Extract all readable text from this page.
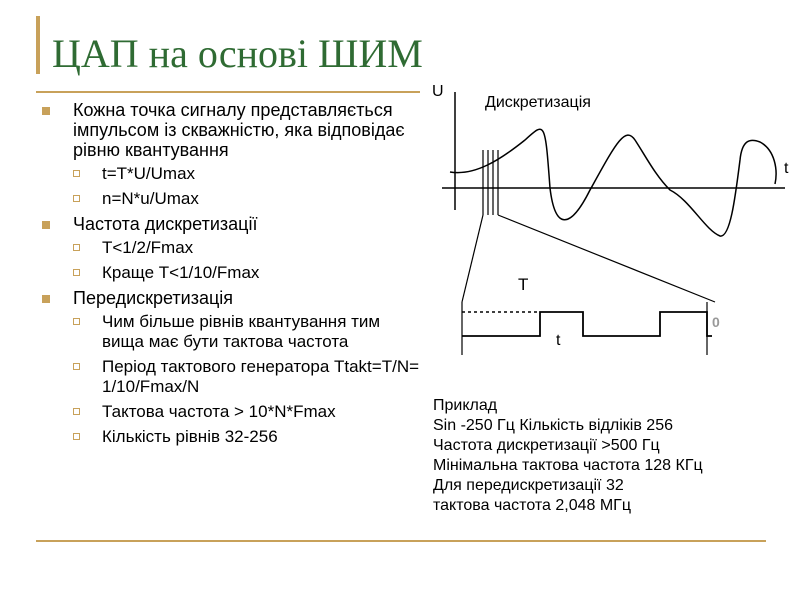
ЦАП на основі ШИМ
Кожна точка сигналу представляється імпульсом із скважністю, яка відповідає рівню квантування
t=T*U/Umax
n=N*u/Umax
Частота дискретизації
T<1/2/Fmax
Краще T<1/10/Fmax
Передискретизація
Чим більше рівнів квантування тим вища має бути тактова частота
Період тактового генератора Ttakt=T/N= 1/10/Fmax/N
Тактова частота > 10*N*Fmax
Кількість рівнів 32-256
U
t
Дискретизація
T
t
0
Приклад
Sin -250 Гц Кількість відліків 256
Частота дискретизації >500 Гц
Мінімальна тактова частота 128 КГц
Для передискретизації 32
тактова частота 2,048 МГц
